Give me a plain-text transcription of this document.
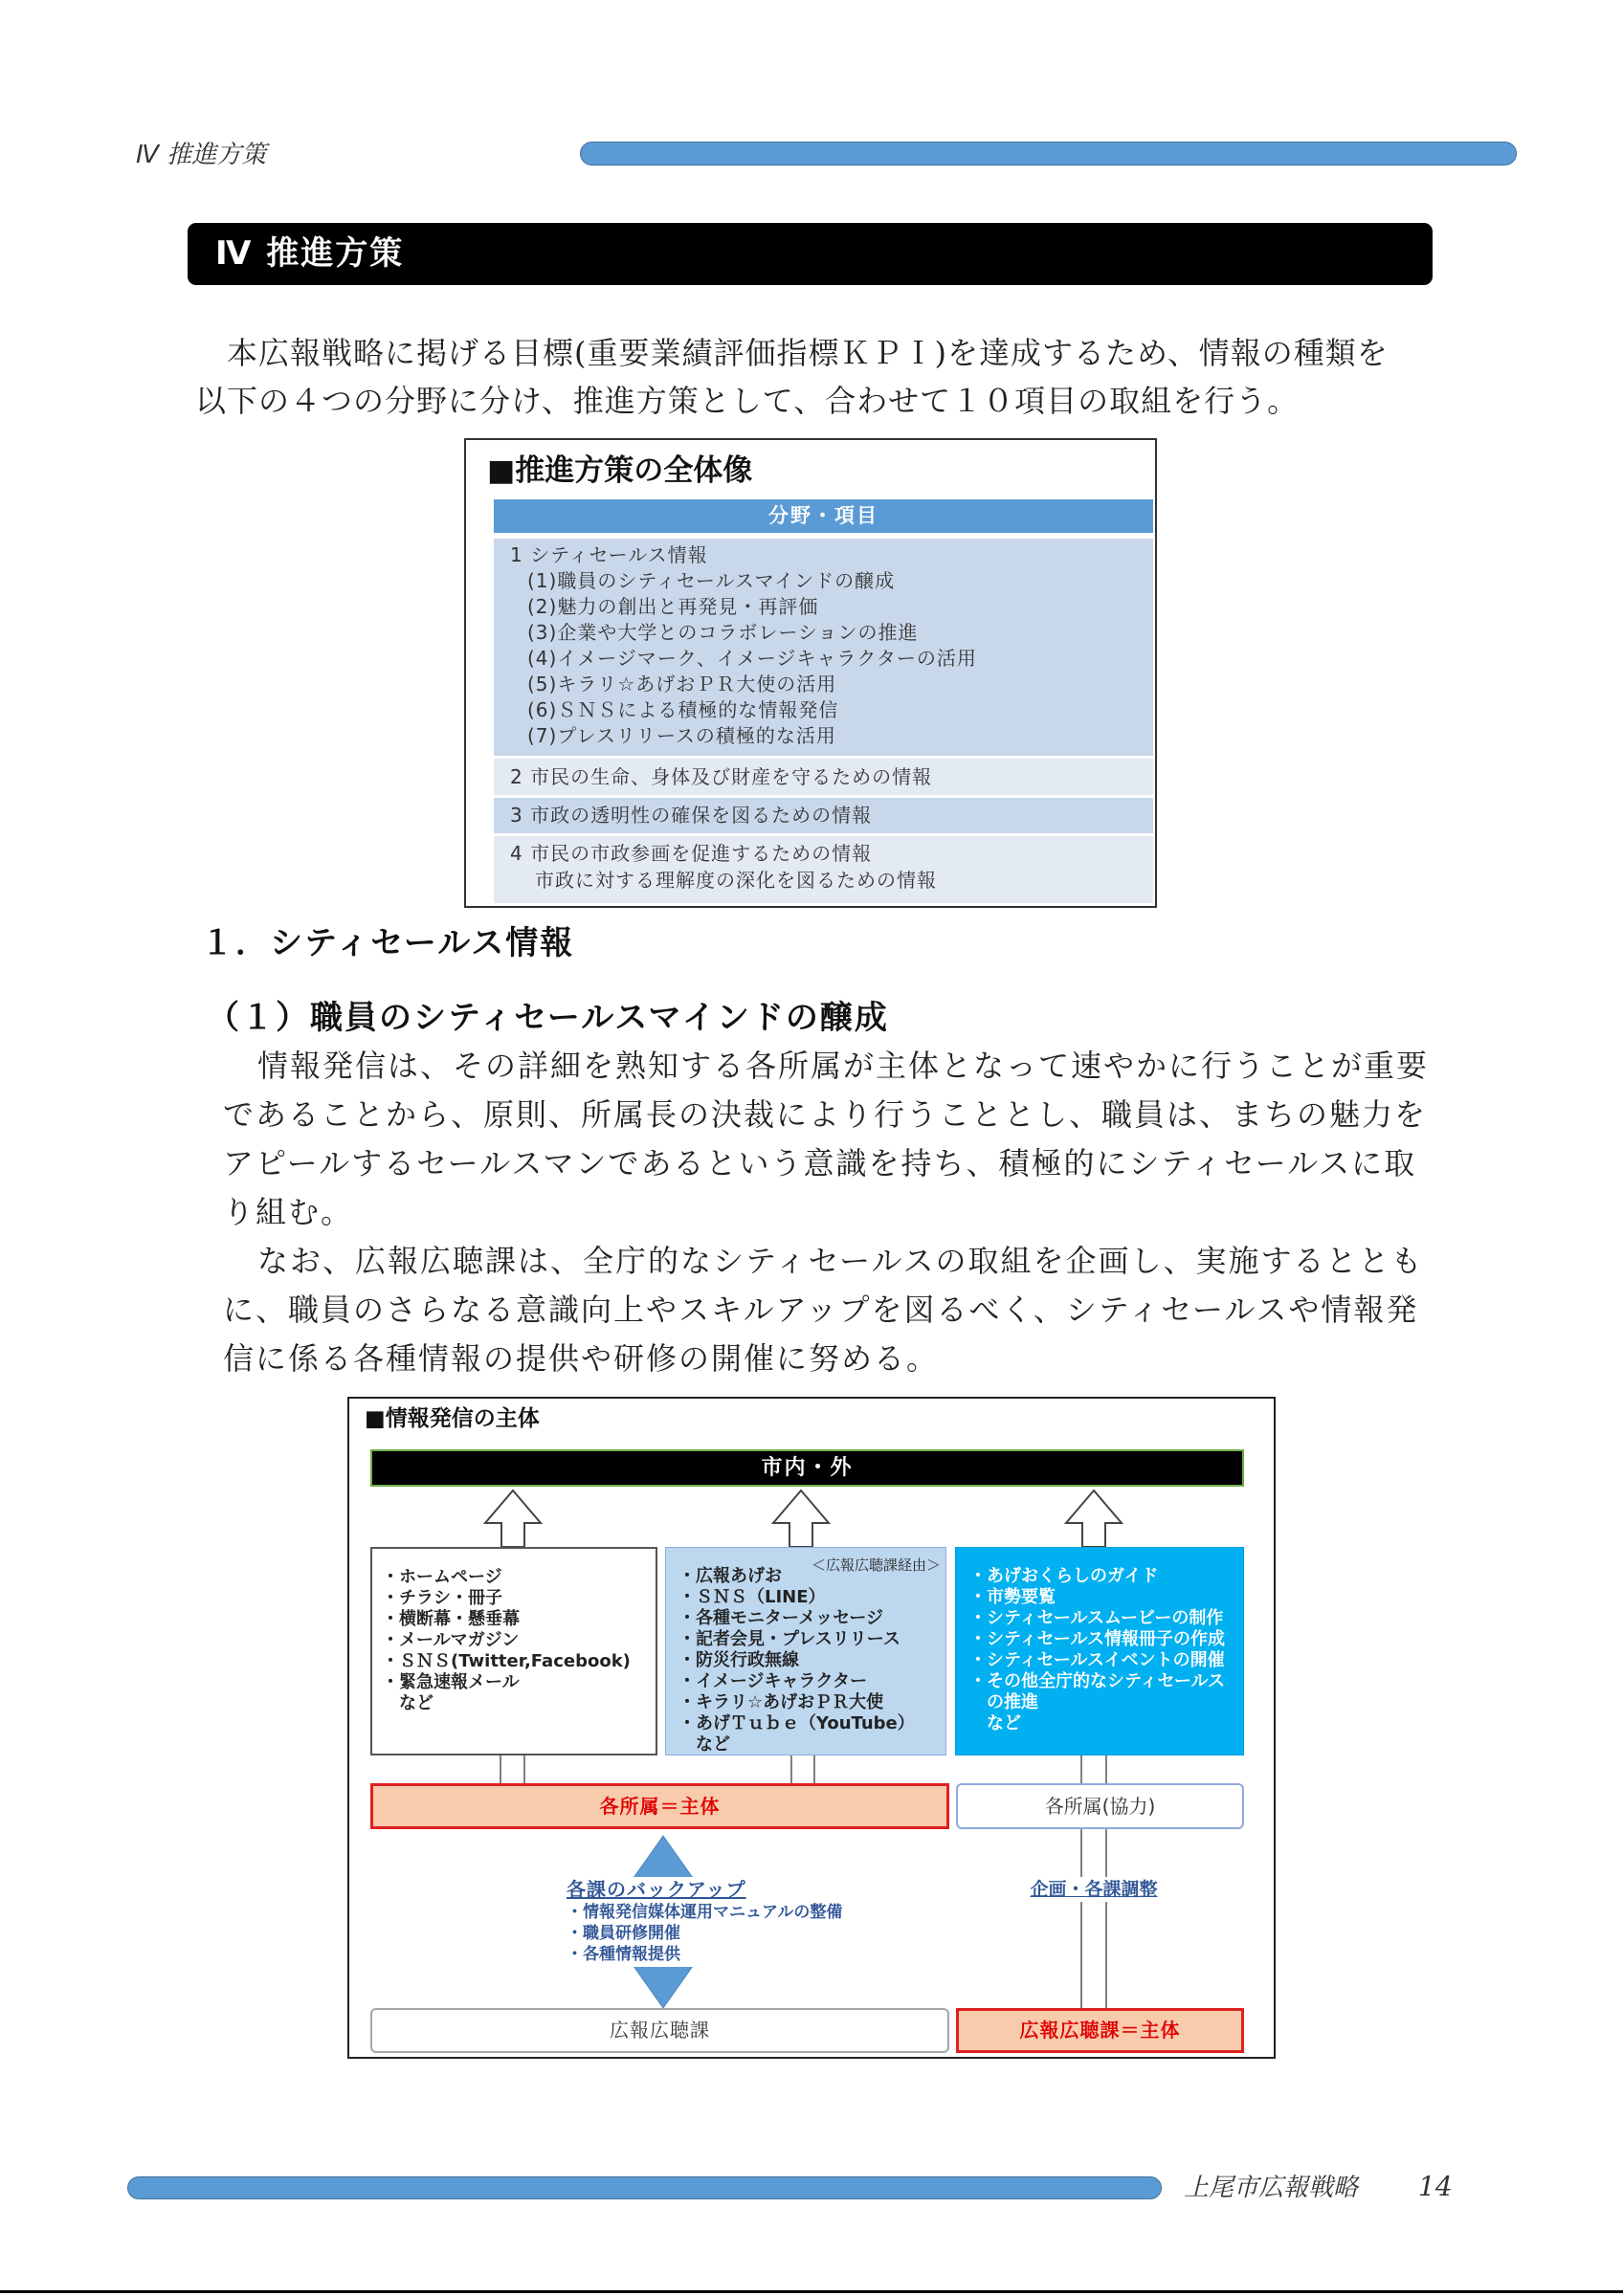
Ⅳ 推進方策
Ⅳ 推進方策
本広報戦略に掲げる目標(重要業績評価指標ＫＰＩ)を達成するため、情報の種類を
以下の４つの分野に分け、推進方策として、合わせて１０項目の取組を行う。
■推進方策の全体像
分野・項目
1 シティセールス情報
(1)職員のシティセールスマインドの醸成
(2)魅力の創出と再発見・再評価
(3)企業や大学とのコラボレーションの推進
(4)イメージマーク、イメージキャラクターの活用
(5)キラリ☆あげおＰＲ大使の活用
(6)ＳＮＳによる積極的な情報発信
(7)プレスリリースの積極的な活用
2 市民の生命、身体及び財産を守るための情報
3 市政の透明性の確保を図るための情報
4 市民の市政参画を促進するための情報
市政に対する理解度の深化を図るための情報
１．シティセールス情報
（１）職員のシティセールスマインドの醸成
情報発信は、その詳細を熟知する各所属が主体となって速やかに行うことが重要
であることから、原則、所属長の決裁により行うこととし、職員は、まちの魅力を
アピールするセールスマンであるという意識を持ち、積極的にシティセールスに取
り組む。
なお、広報広聴課は、全庁的なシティセールスの取組を企画し、実施するととも
に、職員のさらなる意識向上やスキルアップを図るべく、シティセールスや情報発
信に係る各種情報の提供や研修の開催に努める。
■情報発信の主体
市内・外
・ホームページ
・チラシ・冊子
・横断幕・懸垂幕
・メールマガジン
・ＳＮＳ(Twitter,Facebook)
・緊急速報メール
など
＜広報広聴課経由＞
・広報あげお
・ＳＮＳ（LINE）
・各種モニターメッセージ
・記者会見・プレスリリース
・防災行政無線
・イメージキャラクター
・キラリ☆あげおＰＲ大使
・あげＴｕｂｅ（YouTube）
など
・あげおくらしのガイド
・市勢要覧
・シティセールスムービーの制作
・シティセールス情報冊子の作成
・シティセールスイベントの開催
・その他全庁的なシティセールス
の推進
など
各所属＝主体	各所属(協力)
各課のバックアップ
・情報発信媒体運用マニュアルの整備
・職員研修開催
・各種情報提供
企画・各課調整
広報広聴課	広報広聴課＝主体
上尾市広報戦略 14
